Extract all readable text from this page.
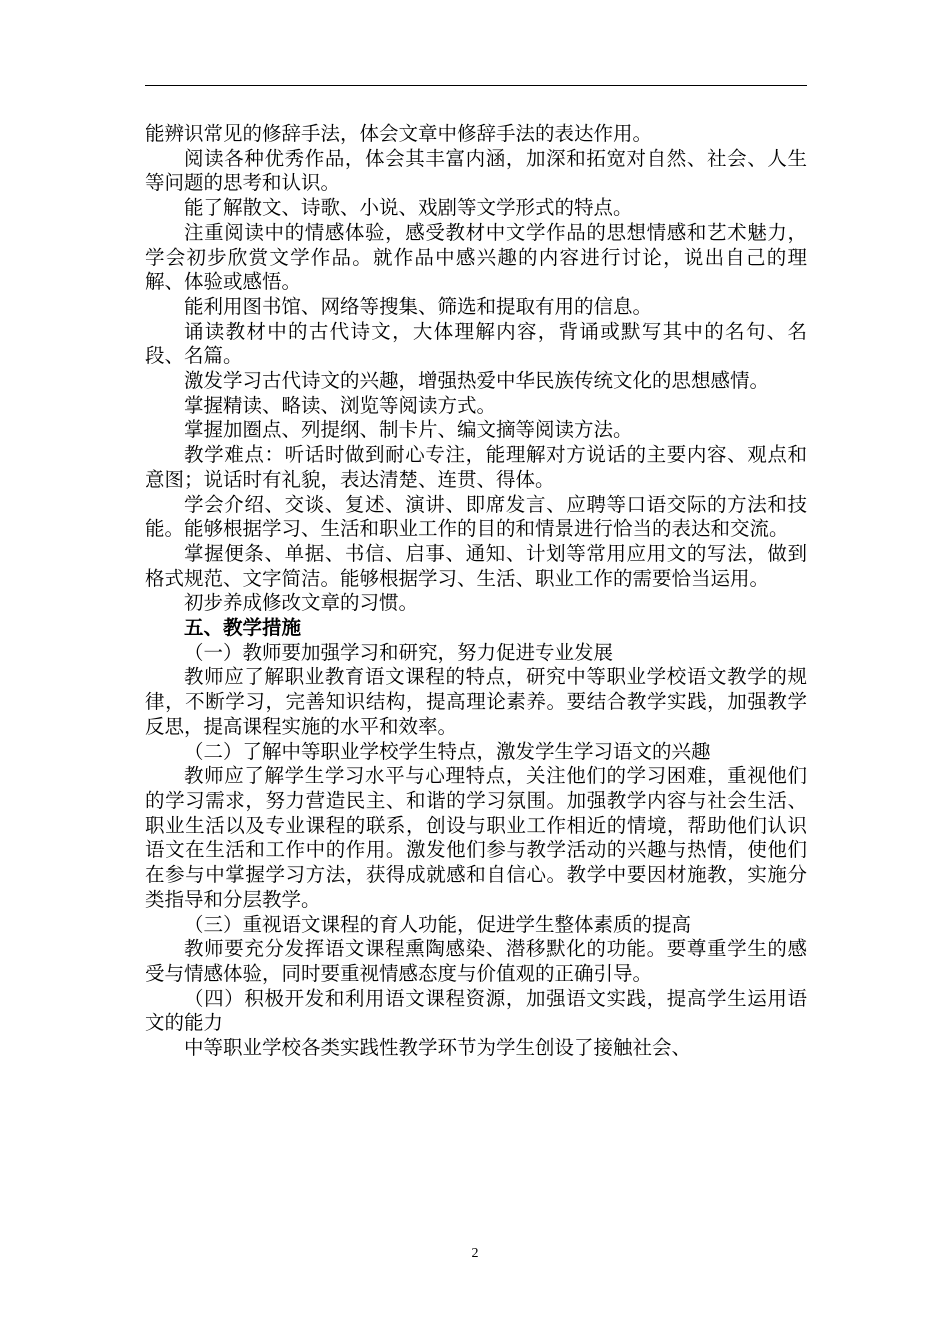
能辨识常见的修辞手法，体会文章中修辞手法的表达作用。

阅读各种优秀作品，体会其丰富内涵，加深和拓宽对自然、社会、人生等问题的思考和认识。

能了解散文、诗歌、小说、戏剧等文学形式的特点。

注重阅读中的情感体验，感受教材中文学作品的思想情感和艺术魅力，学会初步欣赏文学作品。就作品中感兴趣的内容进行讨论，说出自己的理解、体验或感悟。

能利用图书馆、网络等搜集、筛选和提取有用的信息。

诵读教材中的古代诗文，大体理解内容，背诵或默写其中的名句、名段、名篇。

激发学习古代诗文的兴趣，增强热爱中华民族传统文化的思想感情。

掌握精读、略读、浏览等阅读方式。

掌握加圈点、列提纲、制卡片、编文摘等阅读方法。

教学难点：听话时做到耐心专注，能理解对方说话的主要内容、观点和意图；说话时有礼貌，表达清楚、连贯、得体。

学会介绍、交谈、复述、演讲、即席发言、应聘等口语交际的方法和技能。能够根据学习、生活和职业工作的目的和情景进行恰当的表达和交流。

掌握便条、单据、书信、启事、通知、计划等常用应用文的写法，做到格式规范、文字简洁。能够根据学习、生活、职业工作的需要恰当运用。

初步养成修改文章的习惯。

五、教学措施

（一）教师要加强学习和研究，努力促进专业发展

教师应了解职业教育语文课程的特点，研究中等职业学校语文教学的规律，不断学习，完善知识结构，提高理论素养。要结合教学实践，加强教学反思，提高课程实施的水平和效率。

（二）了解中等职业学校学生特点，激发学生学习语文的兴趣

教师应了解学生学习水平与心理特点，关注他们的学习困难，重视他们的学习需求，努力营造民主、和谐的学习氛围。加强教学内容与社会生活、职业生活以及专业课程的联系，创设与职业工作相近的情境，帮助他们认识语文在生活和工作中的作用。激发他们参与教学活动的兴趣与热情，使他们在参与中掌握学习方法，获得成就感和自信心。教学中要因材施教，实施分类指导和分层教学。

（三）重视语文课程的育人功能，促进学生整体素质的提高

教师要充分发挥语文课程熏陶感染、潜移默化的功能。要尊重学生的感受与情感体验，同时要重视情感态度与价值观的正确引导。

（四）积极开发和利用语文课程资源，加强语文实践，提高学生运用语文的能力

中等职业学校各类实践性教学环节为学生创设了接触社会、

2
